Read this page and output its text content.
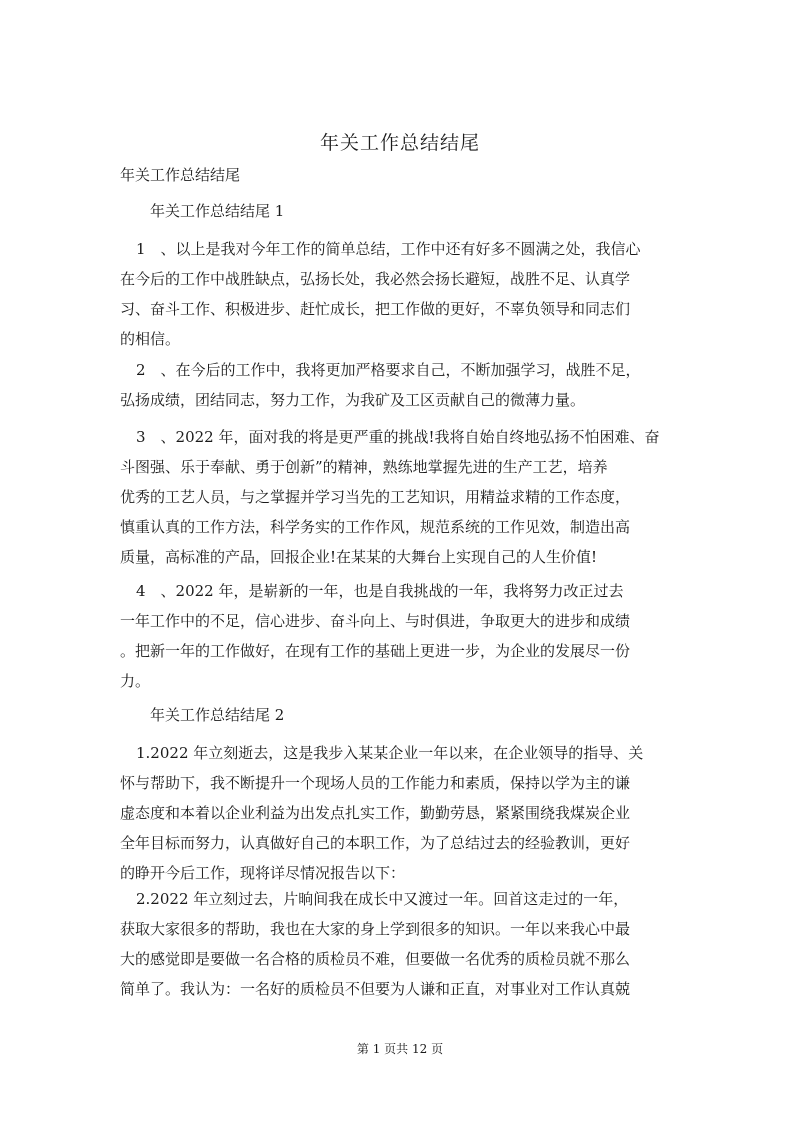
年关工作总结结尾
年关工作总结结尾
年关工作总结结尾 1
1　、以上是我对今年工作的简单总结，工作中还有好多不圆满之处，我信心
在今后的工作中战胜缺点，弘扬长处，我必然会扬长避短，战胜不足、认真学
习、奋斗工作、积极进步、赶忙成长，把工作做的更好，不辜负领导和同志们
的相信。
2　、在今后的工作中，我将更加严格要求自己，不断加强学习，战胜不足，
弘扬成绩，团结同志，努力工作，为我矿及工区贡献自己的微薄力量。
3　、2022 年，面对我的将是更严重的挑战!我将自始自终地弘扬不怕困难、奋
斗图强、乐于奉献、勇于创新”的精神，熟练地掌握先进的生产工艺，培养
优秀的工艺人员，与之掌握并学习当先的工艺知识，用精益求精的工作态度，
慎重认真的工作方法，科学务实的工作作风，规范系统的工作见效，制造出高
质量，高标准的产品，回报企业!在某某的大舞台上实现自己的人生价值!
4　、2022 年，是崭新的一年，也是自我挑战的一年，我将努力改正过去
一年工作中的不足，信心进步、奋斗向上、与时俱进，争取更大的进步和成绩
。把新一年的工作做好，在现有工作的基础上更进一步，为企业的发展尽一份
力。
年关工作总结结尾 2
1.2022 年立刻逝去，这是我步入某某企业一年以来，在企业领导的指导、关
怀与帮助下，我不断提升一个现场人员的工作能力和素质，保持以学为主的谦
虚态度和本着以企业利益为出发点扎实工作，勤勤劳恳，紧紧围绕我煤炭企业
全年目标而努力，认真做好自己的本职工作，为了总结过去的经验教训，更好
的睁开今后工作，现将详尽情况报告以下：
2.2022 年立刻过去，片晌间我在成长中又渡过一年。回首这走过的一年，
获取大家很多的帮助，我也在大家的身上学到很多的知识。一年以来我心中最
大的感觉即是要做一名合格的质检员不难，但要做一名优秀的质检员就不那么
简单了。我认为：一名好的质检员不但要为人谦和正直，对事业对工作认真兢
第 1 页共 12 页
